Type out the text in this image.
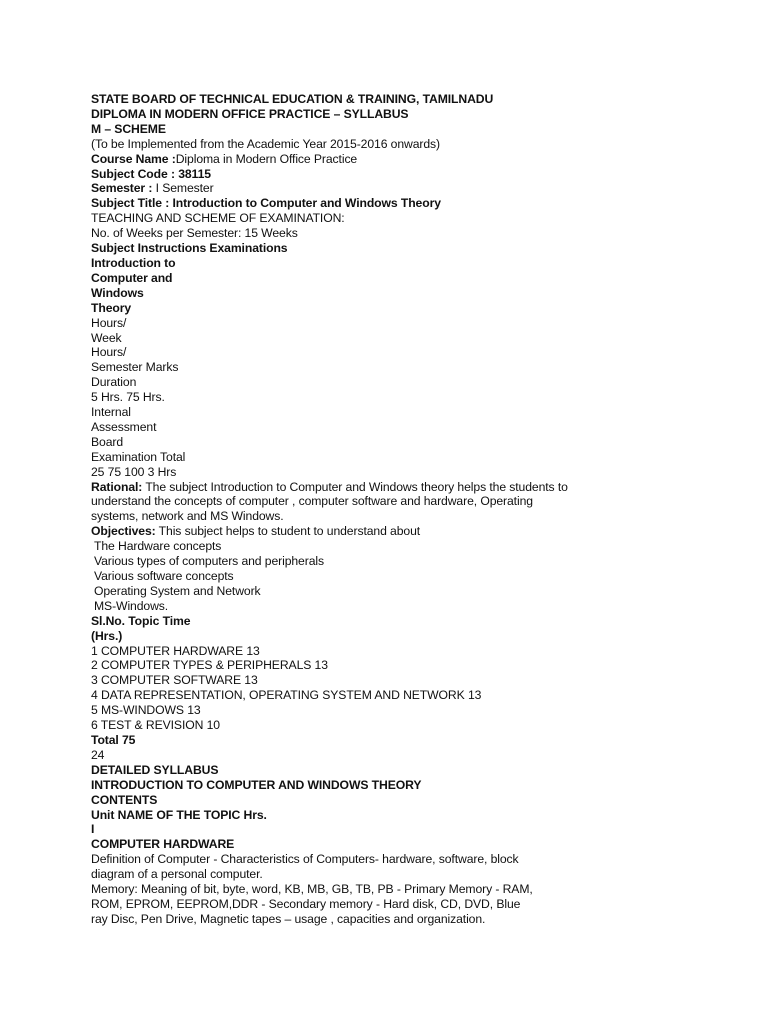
STATE BOARD OF TECHNICAL EDUCATION & TRAINING, TAMILNADU
DIPLOMA IN MODERN OFFICE PRACTICE – SYLLABUS
M – SCHEME
(To be Implemented from the Academic Year 2015-2016 onwards)
Course Name :Diploma in Modern Office Practice
Subject Code : 38115
Semester : I Semester
Subject Title : Introduction to Computer and Windows Theory
TEACHING AND SCHEME OF EXAMINATION:
No. of Weeks per Semester: 15 Weeks
Subject Instructions Examinations
Introduction to
Computer and
Windows
Theory
Hours/
Week
Hours/
Semester Marks
Duration
5 Hrs. 75 Hrs.
Internal
Assessment
Board
Examination Total
25 75 100 3 Hrs
Rational: The subject Introduction to Computer and Windows theory helps the students to
understand the concepts of computer , computer software and hardware, Operating
systems, network and MS Windows.
Objectives: This subject helps to student to understand about
The Hardware concepts
Various types of computers and peripherals
Various software concepts
Operating System and Network
MS-Windows.
Sl.No. Topic Time
(Hrs.)
1 COMPUTER HARDWARE 13
2 COMPUTER TYPES & PERIPHERALS 13
3 COMPUTER SOFTWARE 13
4 DATA REPRESENTATION, OPERATING SYSTEM AND NETWORK 13
5 MS-WINDOWS 13
6 TEST & REVISION 10
Total 75
24
DETAILED SYLLABUS
INTRODUCTION TO COMPUTER AND WINDOWS THEORY
CONTENTS
Unit NAME OF THE TOPIC Hrs.
I
COMPUTER HARDWARE
Definition of Computer - Characteristics of Computers- hardware, software, block
diagram of a personal computer.
Memory: Meaning of bit, byte, word, KB, MB, GB, TB, PB - Primary Memory - RAM,
ROM, EPROM, EEPROM,DDR - Secondary memory - Hard disk, CD, DVD, Blue
ray Disc, Pen Drive, Magnetic tapes – usage , capacities and organization.
